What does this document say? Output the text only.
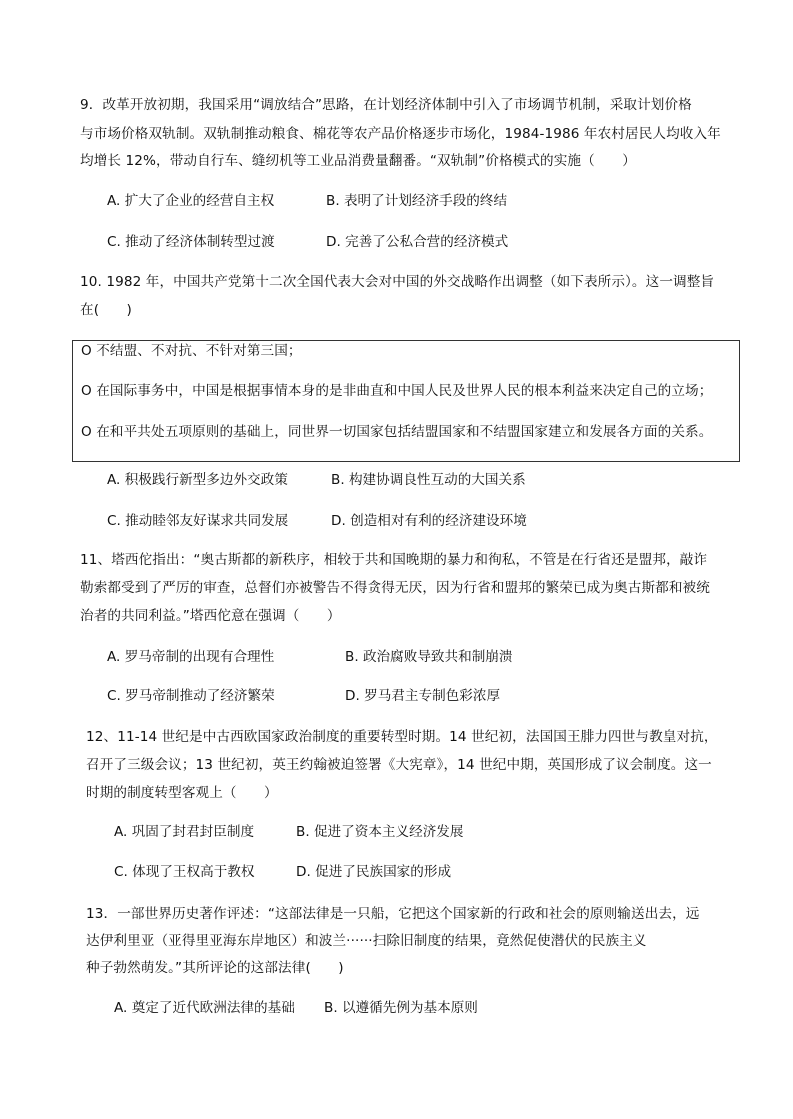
9．改革开放初期，我国采用“调放结合”思路，在计划经济体制中引入了市场调节机制，采取计划价格
与市场价格双轨制。双轨制推动粮食、棉花等农产品价格逐步市场化，1984-1986 年农村居民人均收入年
均增长 12%，带动自行车、缝纫机等工业品消费量翻番。“双轨制”价格模式的实施（　　）
A. 扩大了企业的经营自主权	B. 表明了计划经济手段的终结
C. 推动了经济体制转型过渡	D. 完善了公私合营的经济模式
10. 1982 年，中国共产党第十二次全国代表大会对中国的外交战略作出调整（如下表所示）。这一调整旨
在(　　)
O 不结盟、不对抗、不针对第三国；
O 在国际事务中，中国是根据事情本身的是非曲直和中国人民及世界人民的根本利益来决定自己的立场；
O 在和平共处五项原则的基础上，同世界一切国家包括结盟国家和不结盟国家建立和发展各方面的关系。
A. 积极践行新型多边外交政策	B. 构建协调良性互动的大国关系
C. 推动睦邻友好谋求共同发展	D. 创造相对有利的经济建设环境
11、塔西佗指出：“奥古斯都的新秩序，相较于共和国晚期的暴力和徇私，不管是在行省还是盟邦，敲诈
勒索都受到了严厉的审查，总督们亦被警告不得贪得无厌，因为行省和盟邦的繁荣已成为奥古斯都和被统
治者的共同利益。”塔西佗意在强调（　　）
A. 罗马帝制的出现有合理性	B. 政治腐败导致共和制崩溃
C. 罗马帝制推动了经济繁荣	D. 罗马君主专制色彩浓厚
12、11-14 世纪是中古西欧国家政治制度的重要转型时期。14 世纪初，法国国王腓力四世与教皇对抗，
召开了三级会议；13 世纪初，英王约翰被迫签署《大宪章》，14 世纪中期，英国形成了议会制度。这一
时期的制度转型客观上（　　）
A. 巩固了封君封臣制度	B. 促进了资本主义经济发展
C. 体现了王权高于教权	D. 促进了民族国家的形成
13．一部世界历史著作评述：“这部法律是一只船，它把这个国家新的行政和社会的原则输送出去，远
达伊利里亚（亚得里亚海东岸地区）和波兰······扫除旧制度的结果，竟然促使潜伏的民族主义
种子勃然萌发。”其所评论的这部法律(　　)
A. 奠定了近代欧洲法律的基础 B. 以遵循先例为基本原则
